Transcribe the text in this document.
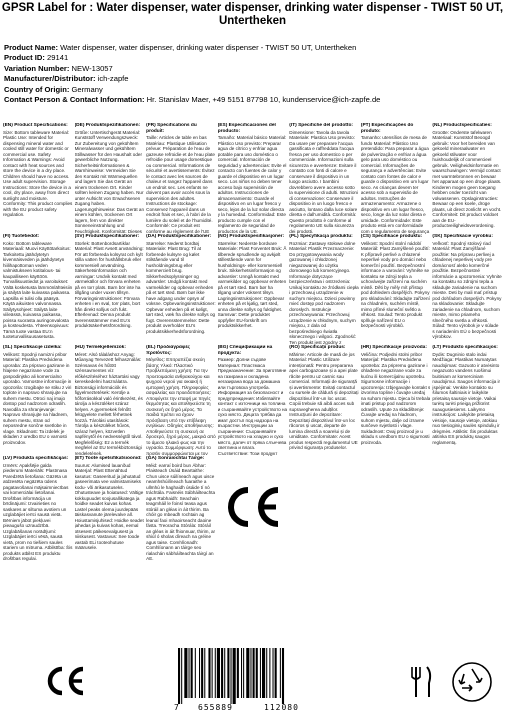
GPSR Label for : Water dispenser, water dispenser, drinking water dispenser - TWIST 50 UT, Untertheken
Product Name: Water dispenser, water dispenser, drinking water dispenser - TWIST 50 UT, Untertheken
Product ID: 29141
Variation Number: NEW-13057
Manufacturer/Distributor: ich-zapfe
Country of Origin: Germany
Contact Person & Contact Information: Hr. Stanislav Maer, +49 5151 87798 10, kundenservice@ich-zapfe.de
(EN) Product Specifications:
Size: Bottom tableware Material: Plastic Use: Intended for dispensing mineral water and cooled still water for domestic or commercial use. Safety Information & Warnings: Avoid contact with heat sources and store the device in a dry place. Children should have no access. Use adult supervision. Storage Instructions: Store the device in a cool, dry place, away from direct sunlight and moisture. Conformity: This product complies with the EU product safety regulation.
(DE) Produktspezifikationen:
Größe: Untertischgerät Material: Kunststoff Verwendungszweck: Zur Zubereitung von gekühltem Mineralwasser und gekühltem Stillwasser für den Haushalt oder gewerbliche Nutzung. Sicherheitsinformationen & Warnhinweise: Vermeiden Sie den Kontakt mit Wärmequellen und lagern Sie das Gerät an einem trockenen Ort. Kinder sollten keinen Zugang haben. Nur unter Aufsicht von Erwachsenen Zugang haben. Lagerungshinweise: Das Gerät an einem kühlen, trockenen Ort lagern, fern von direkter Sonneneinstrahlung und Feuchtigkeit. Konformität: Dieses
(FR) Spécifications du produit:
Taille: Articles de table en bas Matériau: Plastique Utilisation prévue: Préparation de l'eau de gazeuse refroidie et de l'eau plate refroidie pour usage domestique ou commercial. Informations de sécurité et avertissements: Évitez le contact avec les sources de chaleur et rangez l'appareil dans un endroit sec. Les enfants ne doivent pas avoir accès sous la supervision des adultes. Instructions de stockage: Conservez l'appareil dans un endroit frais et sec, à l'abri de la lumière du soleil et de l'humidité. Conformité: Ce produit est conforme au règlement de l'UE
(ES) Especificaciones del producto:
Tamaño: Material básico Material: Plástico Uso previsto: Preparar agua de cítrico y enfriar agua potable para uso doméstico o comercial. Información de seguridad y advertencias: Evite el contacto con fuentes de calor y guarde el dispositivo en un lugar seco. Los niños no deben tener acceso bajo supervisión de adultos. Instrucciones de almacenamiento: Guarde el dispositivo en un lugar fresco y seco, lejos de la luz solar directa y la humedad. Conformidad: Este producto cumple con el reglamento de seguridad de productos de la UE.
(IT) Specifiche del prodotto:
Dimensione: Tavola da tavola Materiale: Plastica Uso previsto: Da usare per preparare l'acqua gassificata e raffreddata l'acqua fresca per uso domestico o per commerciale. Informazioni sulla sicurezza e avvertenze: Evitare il contatto con fonti di calore e conservare il dispositivo in un luogo asciutto. I bambini dovrebbero avere accesso sotto la supervisione di adulti. Istruzioni di conservazione: Conservare il dispositivo in un luogo fresco e asciutto, lontano dalla luce solare diretta e dall'umidità. Conformità: Questo prodotto è conforme al regolamento UE sulla sicurezza dei prodotti.
(PT) Especificações do produto:
Tamanho: utensílios de mesa de fundo Material: Plástico Uso pretendido: Para preparar a água de pulverização e enfriar a água gelo para uso doméstico ou comercial. Informações de segurança e advertências: Evite contato com fontes de calor e guarde o dispositivo em um lugar seco. As crianças devem ter acesso sob a supervisão de adultos. Instruções de armazenamento: Armazene o dispositivo em um lugar fresco, seco, longe da luz solar direta e umidade. Conformidade: Este produto está em conformidade com o regulamento de segurança
(NL) Productspecificaties:
Grootte: Onderste tafelwaren Materiaal: Kunststof Beoogd gebruik: Voor het bereiden van gekoeld mineraalwater en gekoeld stilwater voor huishoudelijk of commercieel gebruik. Veiligheidsinformatie en waarschuwingen: Vermijd contact met warmtebronnen en bewaar het apparaat op een droge plaats. Kinderen mogen geen toegang hebben onder toezicht van volwassenen. Opslaginstructies: Bewaar op een koele, droge plaats, uit direct zonlicht en vocht. Conformiteit: Dit product voldoet aan de EU-productveiligheidsverordening.
(FI) Tuotetiedot:
Koko: Bottom tableware Materiaali: Muovi Käyttötarkoitus: Tarkoitettu jäähdytetyn kivennäisveden ja jäähdytetyn hiilihapottoman veden valmistukseen kotitalous- tai kaupalliseen käyttöön. Turvallisuustiedot ja varoitukset: Vältä kosketusta lämmönlähteisiin ja säilytä laite kuivassa paikassa. Lapsilla ei tulisi olla pääsyä. Käytä aikuisten valvonnassa. Säilytysohjeet: Säilytä laite viileässä, kuivassa paikassa, poissa suorasta auringonvalosta ja kosteudesta. Yhteensopivuus: Tämä tuote vastaa EU:n tuoteturvallisuusasetusta.
(SV) Produktspecifikationer:
Storlek: Bottenbordsartiklar Material: Plast Avsett användning: För att förbereda kolsyrat och kylt stilla vatten för hushållsbruk eller kommersiell användning. Säkerhetsinformation och varningar: Undvik kontakt med värmekällor och förvara enheten på en torr plats. Barn bör inte ha tillgång under vuxen tillsyn. Förvaringsinstruktioner: Förvara enheten i en sval, torr plats, bort från direkt solljus och fukt. Efterlevnad: Denna produkt överensstämmer med EU:s produktsäkerhetsförordning.
(DA) Produktspecifikationer:
Størrelse: Nederst bordtøj Materiale: Plast Brug: Til at forberede kulsyre og kølet stilstående vand til husholdningsbrug eller kommercielt brug. Sikkerhedsoplysninger og advarsler: Undgå kontakt med varmekilder og opbevar enheden på et tørt sted. Børn bør ikke have adgang under opsyn af voksne. Opbevaringsinstruktioner: Opbevar enheden på et køligt, tørt sted, væk fra direkte sollys og fugt. Overensstemmelse: Dette produkt overholder EU's produktsikkerhedsforordning.
(NO) Produktspesifikasjoner:
Størrelse: Nederste bordvare Materiale: Plast Forventet Bruk: Å tilberede sprudlende og avkjølt stillestående vann for husholdnings- eller kommersiell bruk. Sikkerhetsinformasjon og advarsler: Unngå kontakt med varmekilder og oppbevar enheten på et tørt sted. Barn bør ha tilgang under voksent tilsyn. Lagringsinstruksjoner: Oppbevar enheten på et kjølig, tørt sted, unna direkte sollys og fuktighet. Samsvar: Dette produktet oppfyller EU-forskrift om produktsikkerhet.
(PL) Specyfikacja produktu:
Rozmiar: Zastawy stołowe dolne Materiał: Plastik Przeznaczenie: Do przygotowywania wody gazowanej i chłodzonej niegazowanej do użytku domowego lub komercyjnego. Informacje dotyczące bezpieczeństwa i ostrzeżenia: Unikaj kontaktu ze źródłami ciepła i przechowuj urządzenie w suchym miejscu. Dzieci powinny mieć dostęp pod nadzorem dorosłych. Instrukcje przechowywania: Przechowuj urządzenie w chłodnym, suchym miejscu, z dala od bezpośredniego światła słonecznego i wilgoci. Zgodność: Ten produkt jest zgodny z
(CS) Specifikace produktu:
Velikost: Spodní stolní nádobí Materiál: Plast Zamýšlené použití: K přípravě perlivé a chlazené neperlivé vody pro domácí nebo komerční použití. Bezpečnostní informace a varování: Vyhněte se kontaktu se zdroji tepla a uchovávejte zařízení na suchém místě. Děti by měly mít přístup pod dohledem dospělých. Pokyny pro skladování: Skladujte zařízení na chladném, suchém místě, mimo přímé sluneční světlo a vlhkost. Soulad: Tento produkt splňuje nařízení EU o bezpečnosti výrobků.
(SK) Špecifikácie výrobku:
Veľkosť: Spodný stolový riad Materiál: Plast Zamýšľané použitie: Na prípravu perlivej a chladenej neperlivej vody pre domácnosť alebo komerčné použitie. Bezpečnostné informácie a upozornenia: Vyhnite sa kontaktu so zdrojmi tepla a skladujte zariadenie na suchom mieste. Deti by mali mať prístup pod dohľadom dospelých. Pokyny na skladovanie: Skladujte zariadenie na chladnom, suchom mieste, mimo priameho slnečného svetla a vlhkosti. Súlad: Tento výrobok je v súlade s nariadením EÚ o bezpečnosti výrobkov.
(SL) Specifikacije izdelka:
Velikost: Spodnji namizni pribor Material: Plastika Predvidena uporaba: Za pripravo gazirane in hlajene negazirane vode za gospodinjsko ali komercialno uporabo. Varnostne informacije in opozorila: Izogibajte se stiku z viri toplote in napravo shranjujte na suhem mestu. Otroci naj imajo dostop pod nadzorom odraslih. Navodila za shranjevanje: Napravo shranjujte na hladnem, suhem mestu, stran od neposredne sončne svetlobe in vlage. Skladnost: Ta izdelek je skladen z uredbo EU o varnosti proizvodov.
(HU) Termékjellemzők:
Méret: Alsó tálaláshoz Anyag: Műanyag Tervezett felhasználás: Szénsavas és hűtött szénsavmentes víz előkészítéséhez háztartási vagy kereskedelmi használatra. Biztonsági információk és figyelmeztetések: Kerülje a hőforrásokkal való érintkezést, és tárolja a készüléket száraz helyen. A gyermekek felnőtt felügyelete mellett férhetnek hozzá. Tárolási utasítások: Tárolja a készüléket hűvös, száraz helyen, közvetlen napfénytől és nedvességtől távol. Megfelelőség: Ez a termék megfelel az EU termékbiztonsági rendeletének.
(EL) Προδιαγραφές προϊόντος:
Μέγεθος: Επιτραπέζια σκεύη βάσης Υλικό: Πλαστικό Προβλεπόμενη χρήση: Για την προετοιμασία ανθρακούχου και ψυχρού νερού για οικιακή ή εμπορική χρήση. Πληροφορίες ασφαλείας και προειδοποιήσεις: Αποφύγετε την επαφή με πηγές θερμότητας και αποθηκεύστε τη συσκευή σε ξηρό μέρος. Τα παιδιά πρέπει να έχουν πρόσβαση υπό την επίβλεψη ενηλίκων. Οδηγίες αποθήκευσης: Αποθηκεύστε τη συσκευή σε δροσερό, ξηρό μέρος, μακριά από το άμεσο ηλιακό φως και την υγρασία. Συμμόρφωση: Αυτό το προϊόν συμμορφώνεται με τον
(BG) Спецификации на продукта:
Размер: Долни съдове Материал: Пластмаса Предназначение: За приготвяне на газирана и охладена негазирана вода за домашна или търговска употреба. Информация за безопасност и предупреждения: Избягвайте контакт с източници на топлина и съхранявайте устройството на сухо място. Децата трябва да имат достъп под надзора на възрастни. Инструкции за съхранение: Съхранявайте устройството на хладно и сухо място, далеч от пряка слънчева светлина и влага. Съответствие: Този продукт
(RO) Specificații produs:
Mărime: Articole de masă de jos Material: Plastic Utilizare intenționată: Pentru prepararea apei carbogazoase și a apei plate răcite pentru uz casnic sau comercial. Informații de siguranță și avertismente: Evitați contactul cu sursele de căldură și depozitați dispozitivul într-un loc uscat. Copiii trebuie să aibă acces sub supravegherea adulților. Instrucțiuni de depozitare: Depozitați dispozitivul într-un loc răcoros și uscat, departe de lumina directă a soarelui și de umiditate. Conformitate: Acest produs respectă regulamentul UE privind siguranța produselor.
(HR) Specifikacije proizvoda:
Veličina: Podjedni stolni pribor Materijal: Plastika Predviđena upotreba: Za pripremu gazirane i ohlađene negazirane vode za kućnu ili komercijalnu upotrebu. Sigurnosne informacije i upozorenja: Izbjegavajte kontakt s izvorima topline i čuvajte uređaj na suhom mjestu. Djeca bi trebala imati pristup pod nadzorom odraslih. Upute za skladištenje: Čuvajte uređaj na hladnom, suhom mjestu, dalje od izravne sunčeve svjetlosti i vlage. Sukladnost: Ovaj proizvod je u skladu s uredbom EU o sigurnosti proizvoda.
(LT) Produkto specifikacijos:
Dydis: Dugninio stalo indai Medžiaga: Plastikas Numatytas naudojimas: Gazuoto ir atvėsinto negazuoto vandens ruošimui buitiniam ar komerciniam naudojimui. Saugos informacija ir įspėjimai: Venkite kontakto su šilumos šaltiniais ir laikykite prietaisą sausoje vietoje. Vaikai turėtų turėti prieigą prižiūrint suaugusiesiems. Laikymo instrukcijos: Laikykite prietaisą vėsioje, sausoje vietoje, atokiau nuo tiesioginių saulės spindulių ir drėgmės. Atitiktis: Šis produktas atitinka ES produktų saugos reglamentą.
(LV) Produkta specifikācijas:
Izmērs: Apakšējie galda piederumi Materiāls: Plastmasa Paredzētā lietošana: Gāzēta un atdzesēta negāzēta ūdens pagatavošanai mājsaimniecības vai komerciālai lietošanai. Drošības informācija un brīdinājumi: Izvairieties no saskares ar siltuma avotiem un uzglabājiet ierīci sausā vietā. Bērniem jābūt piekļuvei pieaugušo uzraudzībā. Uzglabāšanas norādījumi: Uzglabājiet ierīci vēsā, sausā vietā, prom no tiešiem saules stariem un mitruma. Atbilstība: Šis produkts atbilst ES produktu drošības regulai.
(ET) Toote spetsifikatsioonid:
Suurus: Alumised lauanõud Materjal: Plast Ettenähtud kasutus: Gaseeritud ja jahutatud gaseerimata vee valmistamiseks kodu- või ärikasutuseks. Ohutusteave ja hoiatused: Vältige kokkupuudet soojusallikatega ja hoidke seadet kuivas kohas. Lastel peaks olema juurdepääs täiskasvanute järelevalve all. Hoiustamisjuhised: Hoidke seadet jahedas ja kuivas kohas, eemal otsesest päikesevalgusest ja niiskusest. Vastavus: See toode vastab ELi tooteohutuse määrusele.
(GA) Sonraíochtaí Táirge:
Méid: earraí boird bun Ábhar: Plaisteach Úsáid Beartaithe: Chun uisce súilíneach agus uisce neamhshúilíneach fuaraithe a ullmhú le haghaidh úsáide tí nó tráchtála. Faisnéis Sábháilteachta agus Rabhaidh: Seachain teagmháil le foinsí teasa agus stóráil an gléas in áit thirim. Ba chóir go mbeadh rochtain ag leanaí faoi mhaoirseacht daoine fásta. Treoracha Stórála: Stóráil an gléas in áit fhionnuar, thirim, ar shiúl ó sholas díreach na gréine agus taise. Comhlíonadh: Comhlíonann an táirge seo rialachán sábháilteachta táirgí an AE.
7 655889	112080
